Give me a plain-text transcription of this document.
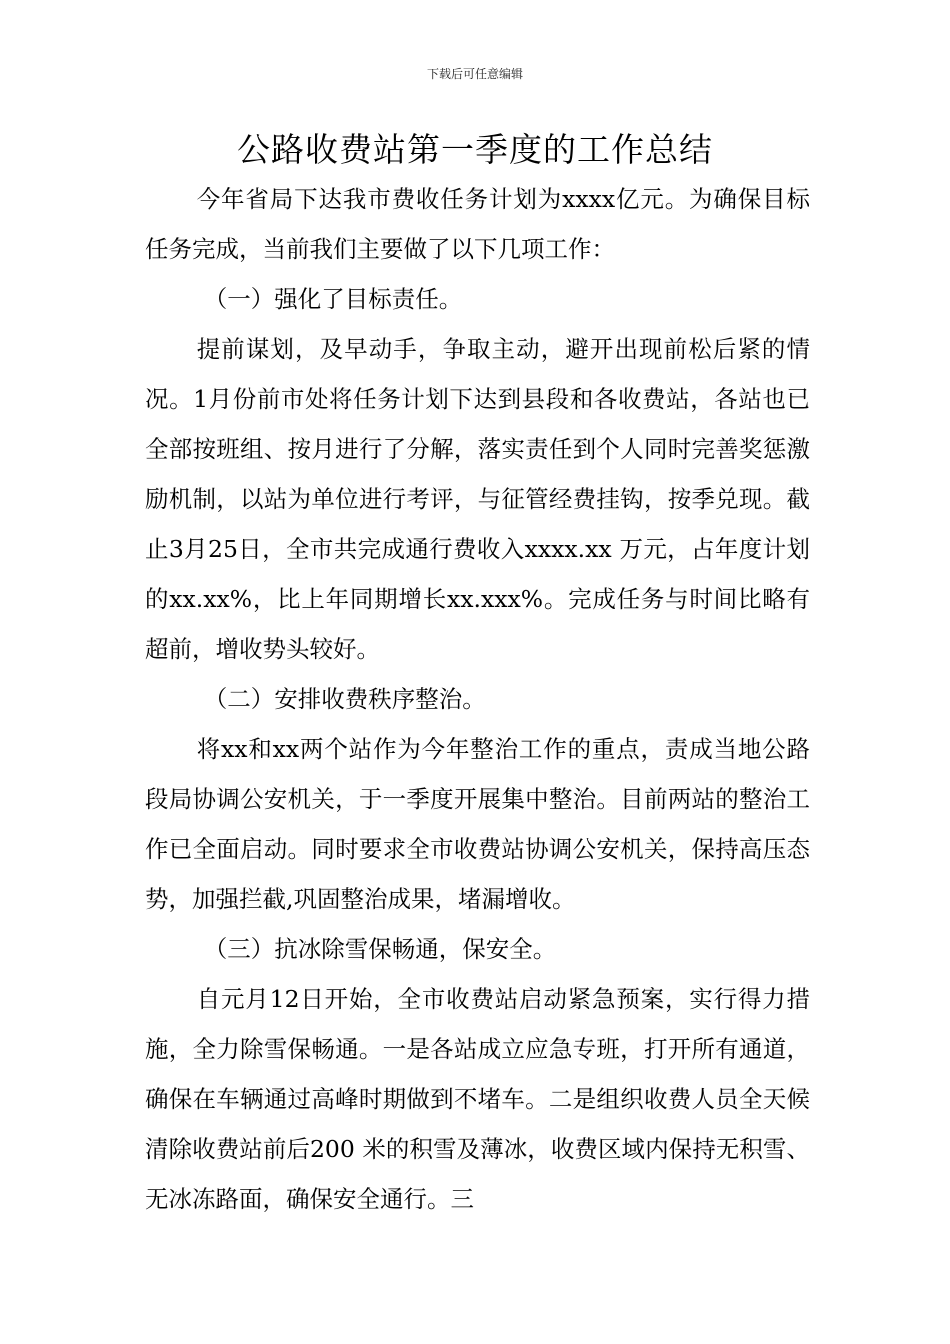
下载后可任意编辑
公路收费站第一季度的工作总结

今年省局下达我市费收任务计划为xxxx亿元。为确保目标任务完成，当前我们主要做了以下几项工作：

（一）强化了目标责任。

提前谋划，及早动手，争取主动，避开出现前松后紧的情况。1月份前市处将任务计划下达到县段和各收费站，各站也已全部按班组、按月进行了分解，落实责任到个人同时完善奖惩激励机制，以站为单位进行考评，与征管经费挂钩，按季兑现。截止3月25日，全市共完成通行费收入xxxx.xx 万元，占年度计划的xx.xx%，比上年同期增长xx.xxx%。完成任务与时间比略有超前，增收势头较好。

（二）安排收费秩序整治。

将xx和xx两个站作为今年整治工作的重点，责成当地公路段局协调公安机关，于一季度开展集中整治。目前两站的整治工作已全面启动。同时要求全市收费站协调公安机关，保持高压态势，加强拦截,巩固整治成果，堵漏增收。

（三）抗冰除雪保畅通，保安全。

自元月12日开始，全市收费站启动紧急预案，实行得力措施，全力除雪保畅通。一是各站成立应急专班，打开所有通道，确保在车辆通过高峰时期做到不堵车。二是组织收费人员全天候清除收费站前后200 米的积雪及薄冰，收费区域内保持无积雪、无冰冻路面，确保安全通行。三
